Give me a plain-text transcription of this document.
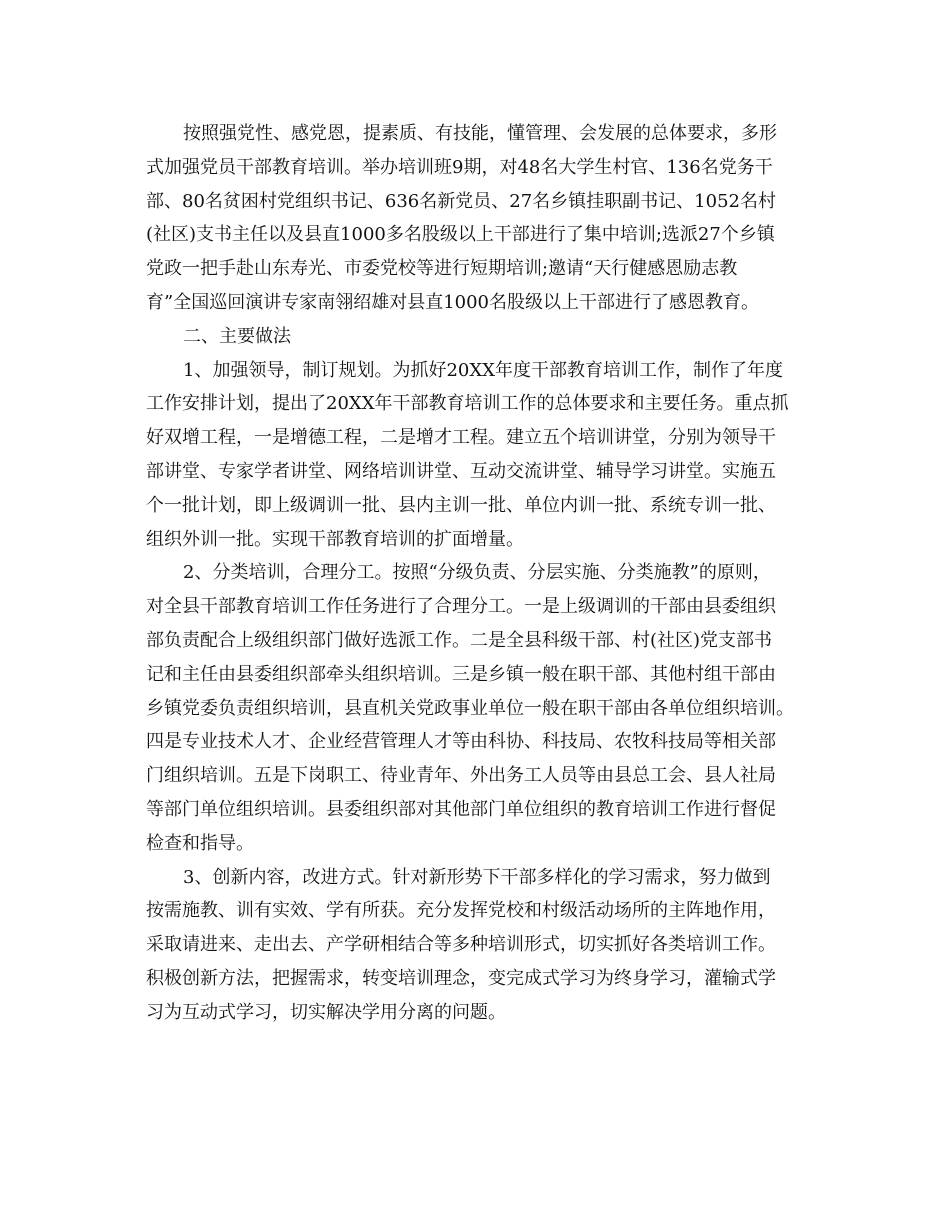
按照强党性、感党恩，提素质、有技能，懂管理、会发展的总体要求，多形
式加强党员干部教育培训。举办培训班9期，对48名大学生村官、136名党务干
部、80名贫困村党组织书记、636名新党员、27名乡镇挂职副书记、1052名村
(社区)支书主任以及县直1000多名股级以上干部进行了集中培训;选派27个乡镇
党政一把手赴山东寿光、市委党校等进行短期培训;邀请“天行健感恩励志教
育”全国巡回演讲专家南翎绍雄对县直1000名股级以上干部进行了感恩教育。
二、主要做法
1、加强领导，制订规划。为抓好20XX年度干部教育培训工作，制作了年度
工作安排计划，提出了20XX年干部教育培训工作的总体要求和主要任务。重点抓
好双增工程，一是增德工程，二是增才工程。建立五个培训讲堂，分别为领导干
部讲堂、专家学者讲堂、网络培训讲堂、互动交流讲堂、辅导学习讲堂。实施五
个一批计划，即上级调训一批、县内主训一批、单位内训一批、系统专训一批、
组织外训一批。实现干部教育培训的扩面增量。
2、分类培训，合理分工。按照“分级负责、分层实施、分类施教”的原则，
对全县干部教育培训工作任务进行了合理分工。一是上级调训的干部由县委组织
部负责配合上级组织部门做好选派工作。二是全县科级干部、村(社区)党支部书
记和主任由县委组织部牵头组织培训。三是乡镇一般在职干部、其他村组干部由
乡镇党委负责组织培训，县直机关党政事业单位一般在职干部由各单位组织培训。
四是专业技术人才、企业经营管理人才等由科协、科技局、农牧科技局等相关部
门组织培训。五是下岗职工、待业青年、外出务工人员等由县总工会、县人社局
等部门单位组织培训。县委组织部对其他部门单位组织的教育培训工作进行督促
检查和指导。
3、创新内容，改进方式。针对新形势下干部多样化的学习需求，努力做到
按需施教、训有实效、学有所获。充分发挥党校和村级活动场所的主阵地作用，
采取请进来、走出去、产学研相结合等多种培训形式，切实抓好各类培训工作。
积极创新方法，把握需求，转变培训理念，变完成式学习为终身学习，灌输式学
习为互动式学习，切实解决学用分离的问题。
